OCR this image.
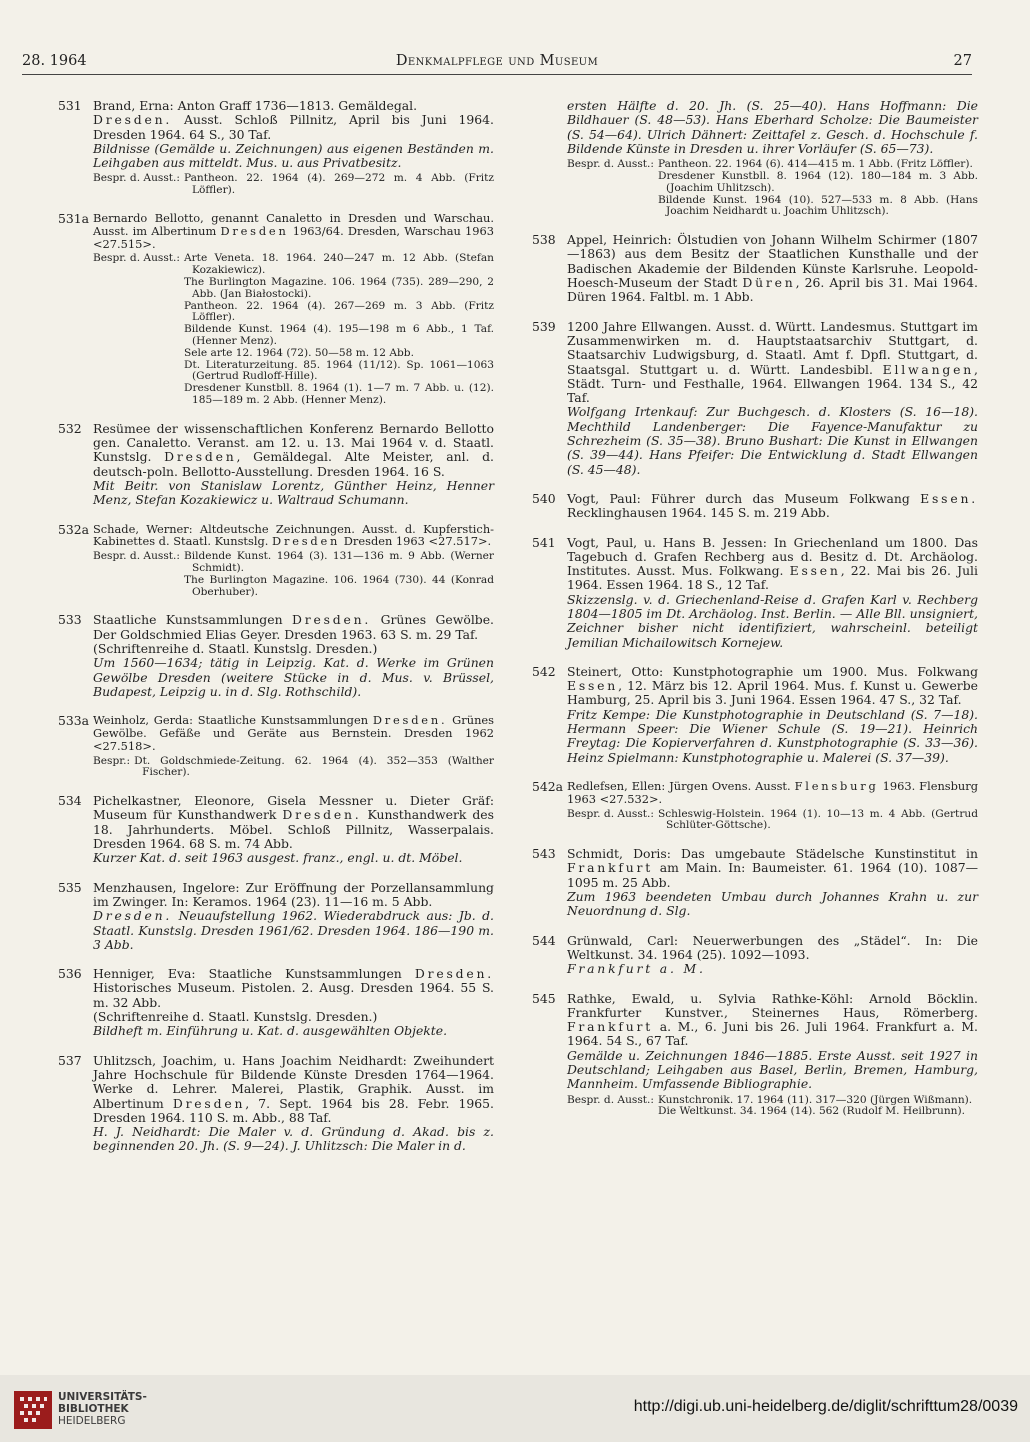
28. 1964	Denkmalpflege und Museum	27
531 Brand, Erna: Anton Graff 1736—1813. Gemäldegal.
Dresden. Ausst. Schloß Pillnitz, April bis Juni 1964. Dresden 1964. 64 S., 30 Taf.
Bildnisse (Gemälde u. Zeichnungen) aus eigenen Beständen m. Leihgaben aus mitteldt. Mus. u. aus Privatbesitz.
Bespr. d. Ausst.: Pantheon. 22. 1964 (4). 269—272 m. 4 Abb. (Fritz Löffler).
531a Bernardo Bellotto, genannt Canaletto in Dresden und Warschau. Ausst. im Albertinum Dresden 1963/64. Dresden, Warschau 1963 <27.515>.
Bespr. d. Ausst.: Arte Veneta. 18. 1964. 240—247 m. 12 Abb. (Stefan Kozakiewicz).
The Burlington Magazine. 106. 1964 (735). 289—290, 2 Abb. (Jan Białostocki).
Pantheon. 22. 1964 (4). 267—269 m. 3 Abb. (Fritz Löffler).
Bildende Kunst. 1964 (4). 195—198 m 6 Abb., 1 Taf. (Henner Menz).
Sele arte 12. 1964 (72). 50—58 m. 12 Abb.
Dt. Literaturzeitung. 85. 1964 (11/12). Sp. 1061—1063 (Gertrud Rudloff-Hille).
Dresdener Kunstbll. 8. 1964 (1). 1—7 m. 7 Abb. u. (12). 185—189 m. 2 Abb. (Henner Menz).
532 Resümee der wissenschaftlichen Konferenz Bernardo Bellotto gen. Canaletto. Veranst. am 12. u. 13. Mai 1964 v. d. Staatl. Kunstslg. Dresden, Gemäldegal. Alte Meister, anl. d. deutsch-poln. Bellotto-Ausstellung. Dresden 1964. 16 S.
Mit Beitr. von Stanislaw Lorentz, Günther Heinz, Henner Menz, Stefan Kozakiewicz u. Waltraud Schumann.
532a Schade, Werner: Altdeutsche Zeichnungen. Ausst. d. Kupferstich-Kabinettes d. Staatl. Kunstslg. Dresden Dresden 1963 <27.517>.
Bespr. d. Ausst.: Bildende Kunst. 1964 (3). 131—136 m. 9 Abb. (Werner Schmidt).
The Burlington Magazine. 106. 1964 (730). 44 (Konrad Oberhuber).
533 Staatliche Kunstsammlungen Dresden. Grünes Gewölbe. Der Goldschmied Elias Geyer. Dresden 1963. 63 S. m. 29 Taf.
(Schriftenreihe d. Staatl. Kunstslg. Dresden.)
Um 1560—1634; tätig in Leipzig. Kat. d. Werke im Grünen Gewölbe Dresden (weitere Stücke in d. Mus. v. Brüssel, Budapest, Leipzig u. in d. Slg. Rothschild).
533a Weinholz, Gerda: Staatliche Kunstsammlungen Dresden. Grünes Gewölbe. Gefäße und Geräte aus Bernstein. Dresden 1962 <27.518>.
Bespr.: Dt. Goldschmiede-Zeitung. 62. 1964 (4). 352—353 (Walther Fischer).
534 Pichelkastner, Eleonore, Gisela Messner u. Dieter Gräf: Museum für Kunsthandwerk Dresden. Kunsthandwerk des 18. Jahrhunderts. Möbel. Schloß Pillnitz, Wasserpalais. Dresden 1964. 68 S. m. 74 Abb.
Kurzer Kat. d. seit 1963 ausgest. franz., engl. u. dt. Möbel.
535 Menzhausen, Ingelore: Zur Eröffnung der Porzellansammlung im Zwinger. In: Keramos. 1964 (23). 11—16 m. 5 Abb.
Dresden. Neuaufstellung 1962. Wiederabdruck aus: Jb. d. Staatl. Kunstslg. Dresden 1961/62. Dresden 1964. 186—190 m. 3 Abb.
536 Henniger, Eva: Staatliche Kunstsammlungen Dresden. Historisches Museum. Pistolen. 2. Ausg. Dresden 1964. 55 S. m. 32 Abb.
(Schriftenreihe d. Staatl. Kunstslg. Dresden.)
Bildheft m. Einführung u. Kat. d. ausgewählten Objekte.
537 Uhlitzsch, Joachim, u. Hans Joachim Neidhardt: Zweihundert Jahre Hochschule für Bildende Künste Dresden 1764—1964. Werke d. Lehrer. Malerei, Plastik, Graphik. Ausst. im Albertinum Dresden, 7. Sept. 1964 bis 28. Febr. 1965. Dresden 1964. 110 S. m. Abb., 88 Taf.
H. J. Neidhardt: Die Maler v. d. Gründung d. Akad. bis z. beginnenden 20. Jh. (S. 9—24). J. Uhlitzsch: Die Maler in d.
ersten Hälfte d. 20. Jh. (S. 25—40). Hans Hoffmann: Die Bildhauer (S. 48—53). Hans Eberhard Scholze: Die Baumeister (S. 54—64). Ulrich Dähnert: Zeittafel z. Gesch. d. Hochschule f. Bildende Künste in Dresden u. ihrer Vorläufer (S. 65—73).
Bespr. d. Ausst.: Pantheon. 22. 1964 (6). 414—415 m. 1 Abb. (Fritz Löffler).
Dresdener Kunstbll. 8. 1964 (12). 180—184 m. 3 Abb. (Joachim Uhlitzsch).
Bildende Kunst. 1964 (10). 527—533 m. 8 Abb. (Hans Joachim Neidhardt u. Joachim Uhlitzsch).
538 Appel, Heinrich: Ölstudien von Johann Wilhelm Schirmer (1807—1863) aus dem Besitz der Staatlichen Kunsthalle und der Badischen Akademie der Bildenden Künste Karlsruhe. Leopold-Hoesch-Museum der Stadt Düren, 26. April bis 31. Mai 1964. Düren 1964. Faltbl. m. 1 Abb.
539 1200 Jahre Ellwangen. Ausst. d. Württ. Landesmus. Stuttgart im Zusammenwirken m. d. Hauptstaatsarchiv Stuttgart, d. Staatsarchiv Ludwigsburg, d. Staatl. Amt f. Dpfl. Stuttgart, d. Staatsgal. Stuttgart u. d. Württ. Landesbibl. Ellwangen, Städt. Turn- und Festhalle, 1964. Ellwangen 1964. 134 S., 42 Taf.
Wolfgang Irtenkauf: Zur Buchgesch. d. Klosters (S. 16—18). Mechthild Landenberger: Die Fayence-Manufaktur zu Schrezheim (S. 35—38). Bruno Bushart: Die Kunst in Ellwangen (S. 39—44). Hans Pfeifer: Die Entwicklung d. Stadt Ellwangen (S. 45—48).
540 Vogt, Paul: Führer durch das Museum Folkwang Essen. Recklinghausen 1964. 145 S. m. 219 Abb.
541 Vogt, Paul, u. Hans B. Jessen: In Griechenland um 1800. Das Tagebuch d. Grafen Rechberg aus d. Besitz d. Dt. Archäolog. Institutes. Ausst. Mus. Folkwang. Essen, 22. Mai bis 26. Juli 1964. Essen 1964. 18 S., 12 Taf.
Skizzenslg. v. d. Griechenland-Reise d. Grafen Karl v. Rechberg 1804—1805 im Dt. Archäolog. Inst. Berlin. — Alle Bll. unsigniert, Zeichner bisher nicht identifiziert, wahrscheinl. beteiligt Jemilian Michailowitsch Kornejew.
542 Steinert, Otto: Kunstphotographie um 1900. Mus. Folkwang Essen, 12. März bis 12. April 1964. Mus. f. Kunst u. Gewerbe Hamburg, 25. April bis 3. Juni 1964. Essen 1964. 47 S., 32 Taf.
Fritz Kempe: Die Kunstphotographie in Deutschland (S. 7—18). Hermann Speer: Die Wiener Schule (S. 19—21). Heinrich Freytag: Die Kopierverfahren d. Kunstphotographie (S. 33—36). Heinz Spielmann: Kunstphotographie u. Malerei (S. 37—39).
542a Redlefsen, Ellen: Jürgen Ovens. Ausst. Flensburg 1963. Flensburg 1963 <27.532>.
Bespr. d. Ausst.: Schleswig-Holstein. 1964 (1). 10—13 m. 4 Abb. (Gertrud Schlüter-Göttsche).
543 Schmidt, Doris: Das umgebaute Städelsche Kunstinstitut in Frankfurt am Main. In: Baumeister. 61. 1964 (10). 1087—1095 m. 25 Abb.
Zum 1963 beendeten Umbau durch Johannes Krahn u. zur Neuordnung d. Slg.
544 Grünwald, Carl: Neuerwerbungen des „Städel“. In: Die Weltkunst. 34. 1964 (25). 1092—1093.
Frankfurt a. M.
545 Rathke, Ewald, u. Sylvia Rathke-Köhl: Arnold Böcklin. Frankfurter Kunstver., Steinernes Haus, Römerberg. Frankfurt a. M., 6. Juni bis 26. Juli 1964. Frankfurt a. M. 1964. 54 S., 67 Taf.
Gemälde u. Zeichnungen 1846—1885. Erste Ausst. seit 1927 in Deutschland; Leihgaben aus Basel, Berlin, Bremen, Hamburg, Mannheim. Umfassende Bibliographie.
Bespr. d. Ausst.: Kunstchronik. 17. 1964 (11). 317—320 (Jürgen Wißmann).
Die Weltkunst. 34. 1964 (14). 562 (Rudolf M. Heilbrunn).
UNIVERSITÄTS-
BIBLIOTHEK
HEIDELBERG
http://digi.ub.uni-heidelberg.de/diglit/schrifttum28/0039
